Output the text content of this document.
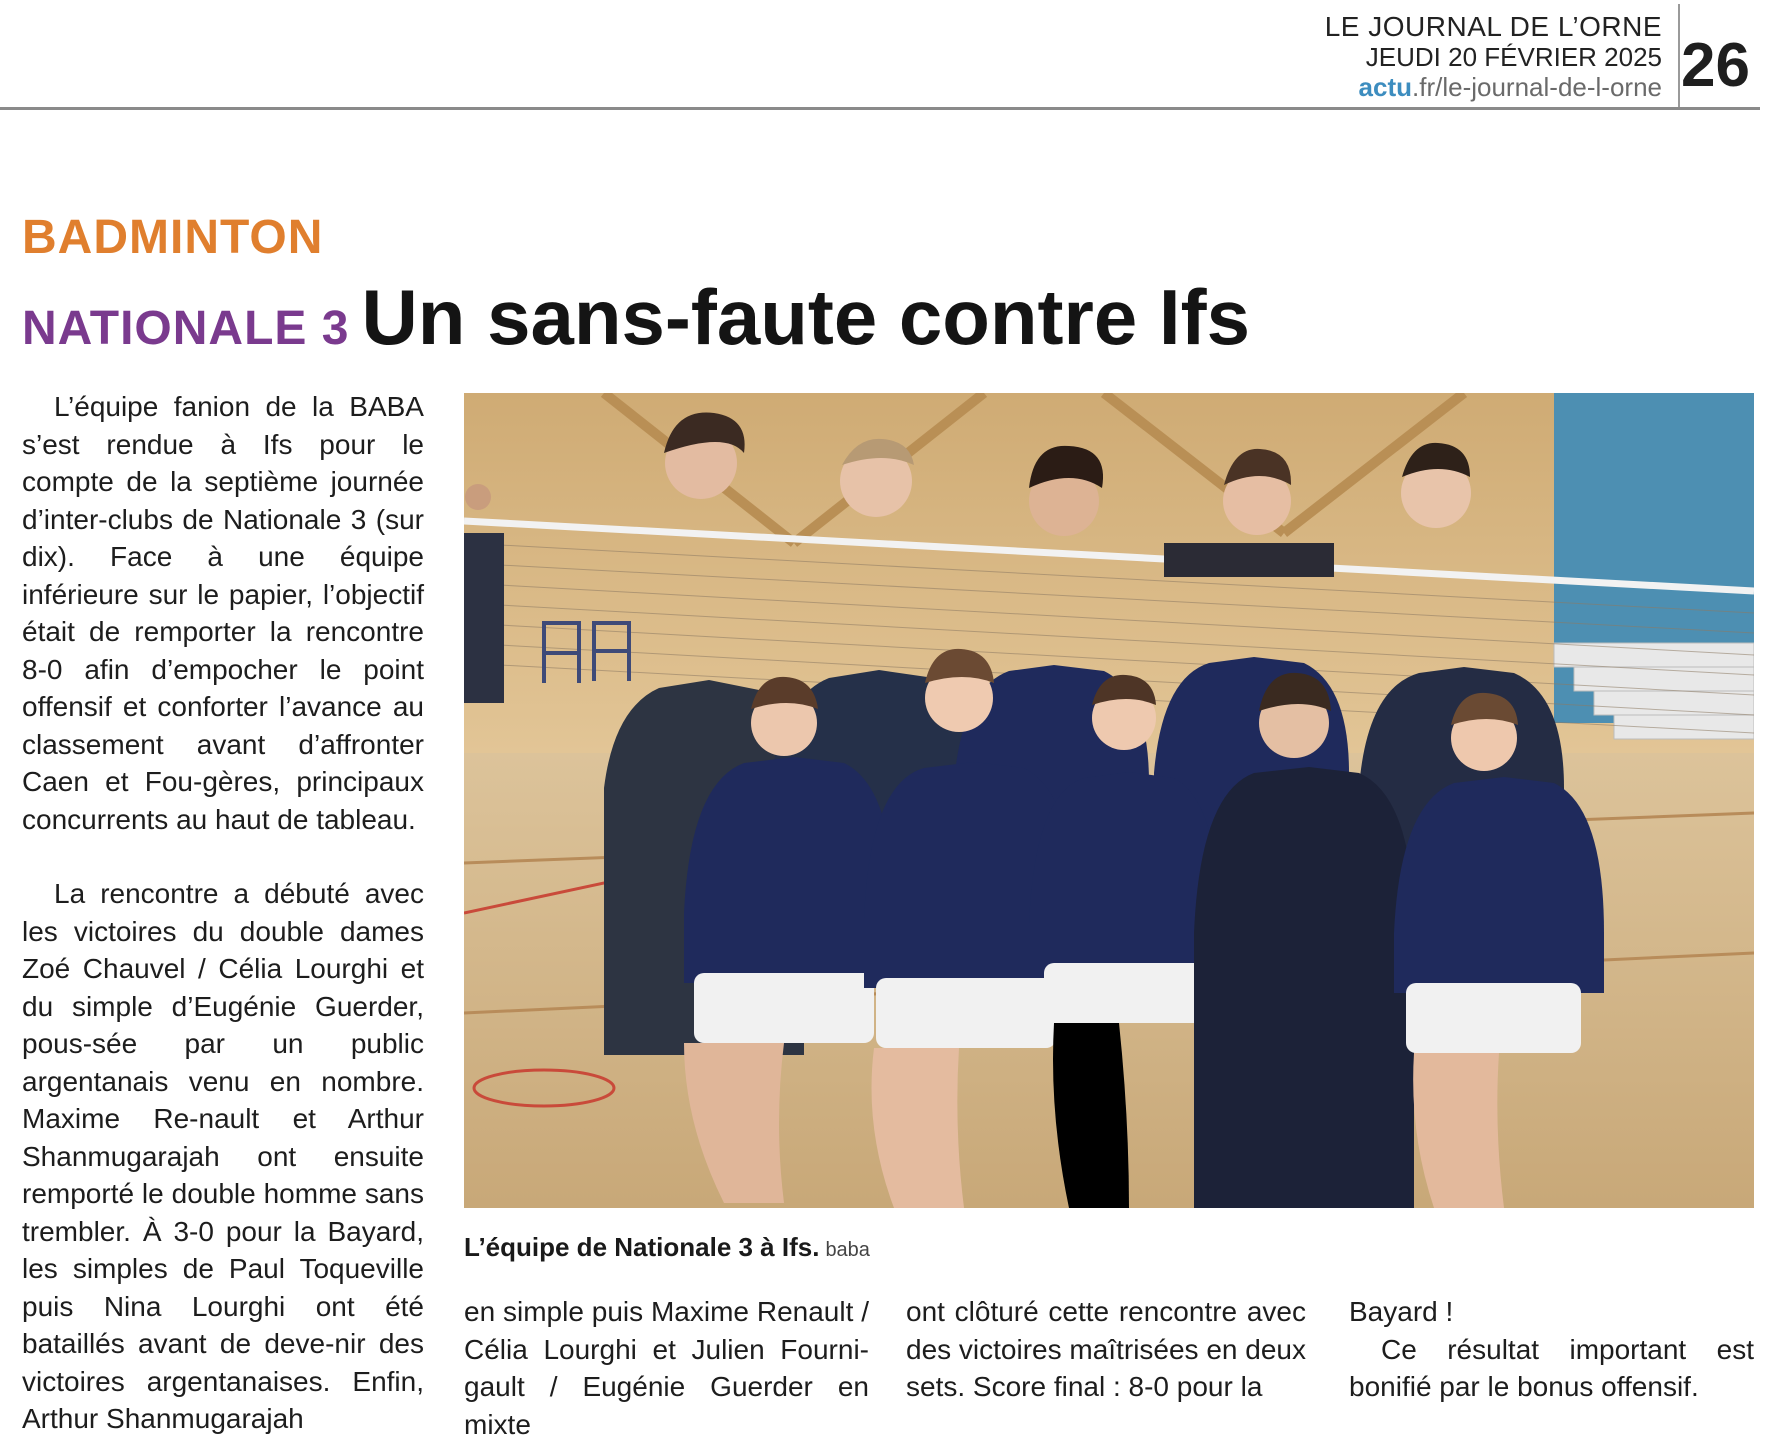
LE JOURNAL DE L’ORNE
JEUDI 20 FÉVRIER 2025
actu.fr/le-journal-de-l-orne 26
BADMINTON
NATIONALE 3 Un sans-faute contre Ifs

L’équipe fanion de la BABA s’est rendue à Ifs pour le compte de la septième journée d’inter-clubs de Nationale 3 (sur dix). Face à une équipe inférieure sur le papier, l’objectif était de remporter la rencontre 8-0 afin d’empocher le point offensif et conforter l’avance au classement avant d’affronter Caen et Fou-gères, principaux concurrents au haut de tableau.

La rencontre a débuté avec les victoires du double dames Zoé Chauvel / Célia Lourghi et du simple d’Eugénie Guerder, pous-sée par un public argentanais venu en nombre. Maxime Re-nault et Arthur Shanmugarajah ont ensuite remporté le double homme sans trembler. À 3-0 pour la Bayard, les simples de Paul Toqueville puis Nina Lourghi ont été bataillés avant de deve-nir des victoires argentanaises. Enfin, Arthur Shanmugarajah

L’équipe de Nationale 3 à Ifs. baba

en simple puis Maxime Renault / Célia Lourghi et Julien Fourni-gault / Eugénie Guerder en mixte

ont clôturé cette rencontre avec des victoires maîtrisées en deux sets. Score final : 8-0 pour la

Bayard !

Ce résultat important est bonifié par le bonus offensif.
